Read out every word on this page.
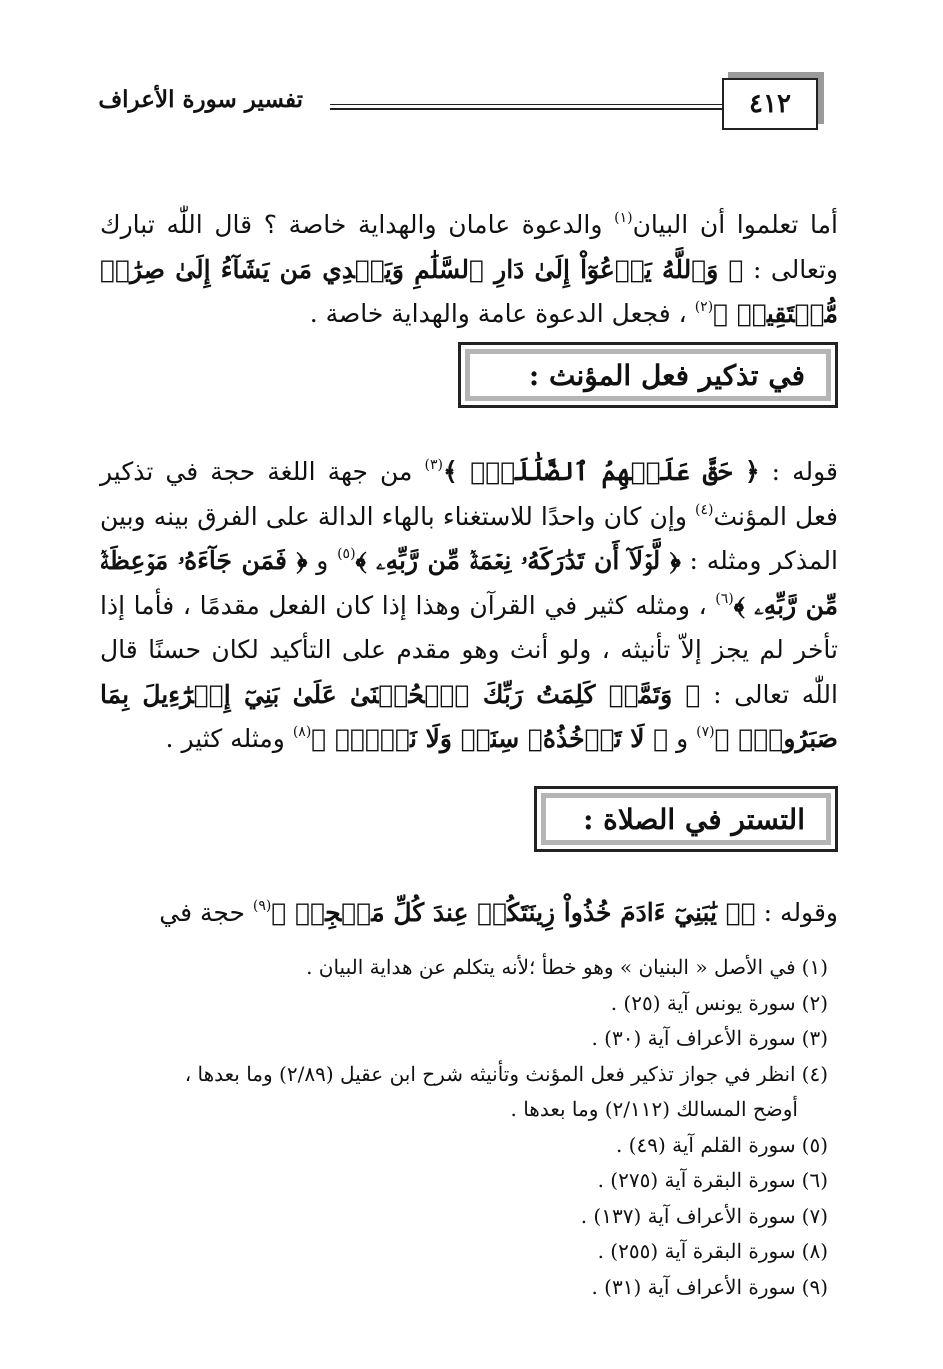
٤١٢
تفسير سورة الأعراف

أما تعلموا أن البيان$^{(١)}$ والدعوة عامان والهداية خاصة ؟ قال اللّٰه تبارك وتعالى : ﴿ وَٱللَّهُ يَدۡعُوٓاْ إِلَىٰ دَارِ ٱلسَّلَٰمِ وَيَهۡدِي مَن يَشَآءُ إِلَىٰ صِرَٰطٖ مُّسۡتَقِيمٖ ﴾$^{(٢)}$ ، فجعل الدعوة عامة والهداية خاصة .

في تذكير فعل المؤنث :

قوله : ﴿ حَقَّ عَلَيۡهِمُ ٱلضَّلَٰلَةُۚ ﴾$^{(٣)}$ من جهة اللغة حجة في تذكير فعل المؤنث$^{(٤)}$ وإن كان واحدًا للاستغناء بالهاء الدالة على الفرق بينه وبين المذكر ومثله : ﴿ لَّوۡلَآ أَن تَدَٰرَكَهُۥ نِعۡمَةٞ مِّن رَّبِّهِۦ ﴾$^{(٥)}$ و ﴿ فَمَن جَآءَهُۥ مَوۡعِظَةٞ مِّن رَّبِّهِۦ ﴾$^{(٦)}$ ، ومثله كثير في القرآن وهذا إذا كان الفعل مقدمًا ، فأما إذا تأخر لم يجز إلاّ تأنيثه ، ولو أنث وهو مقدم على التأكيد لكان حسنًا قال اللّٰه تعالى : ﴿ وَتَمَّتۡ كَلِمَتُ رَبِّكَ ٱلۡحُسۡنَىٰ عَلَىٰ بَنِيٓ إِسۡرَٰٓءِيلَ بِمَا صَبَرُواْۖ ﴾$^{(٧)}$ و ﴿ لَا تَأۡخُذُهُۥ سِنَةٞ وَلَا نَوۡمٞۚ ﴾$^{(٨)}$ ومثله كثير .

التستر في الصلاة :

وقوله : ﴿۞ يَٰبَنِيٓ ءَادَمَ خُذُواْ زِينَتَكُمۡ عِندَ كُلِّ مَسۡجِدٖ ﴾$^{(٩)}$ حجة في

(١)في الأصل « البنيان » وهو خطأ ؛لأنه يتكلم عن هداية البيان .
(٢)سورة يونس آية (٢٥) .
(٣)سورة الأعراف آية (٣٠) .
(٤)انظر في جواز تذكير فعل المؤنث وتأنيثه شرح ابن عقيل (٢/٨٩) وما بعدها ،
أوضح المسالك (٢/١١٢) وما بعدها .
(٥)سورة القلم آية (٤٩) .
(٦)سورة البقرة آية (٢٧٥) .
(٧)سورة الأعراف آية (١٣٧) .
(٨)سورة البقرة آية (٢٥٥) .
(٩)سورة الأعراف آية (٣١) .
